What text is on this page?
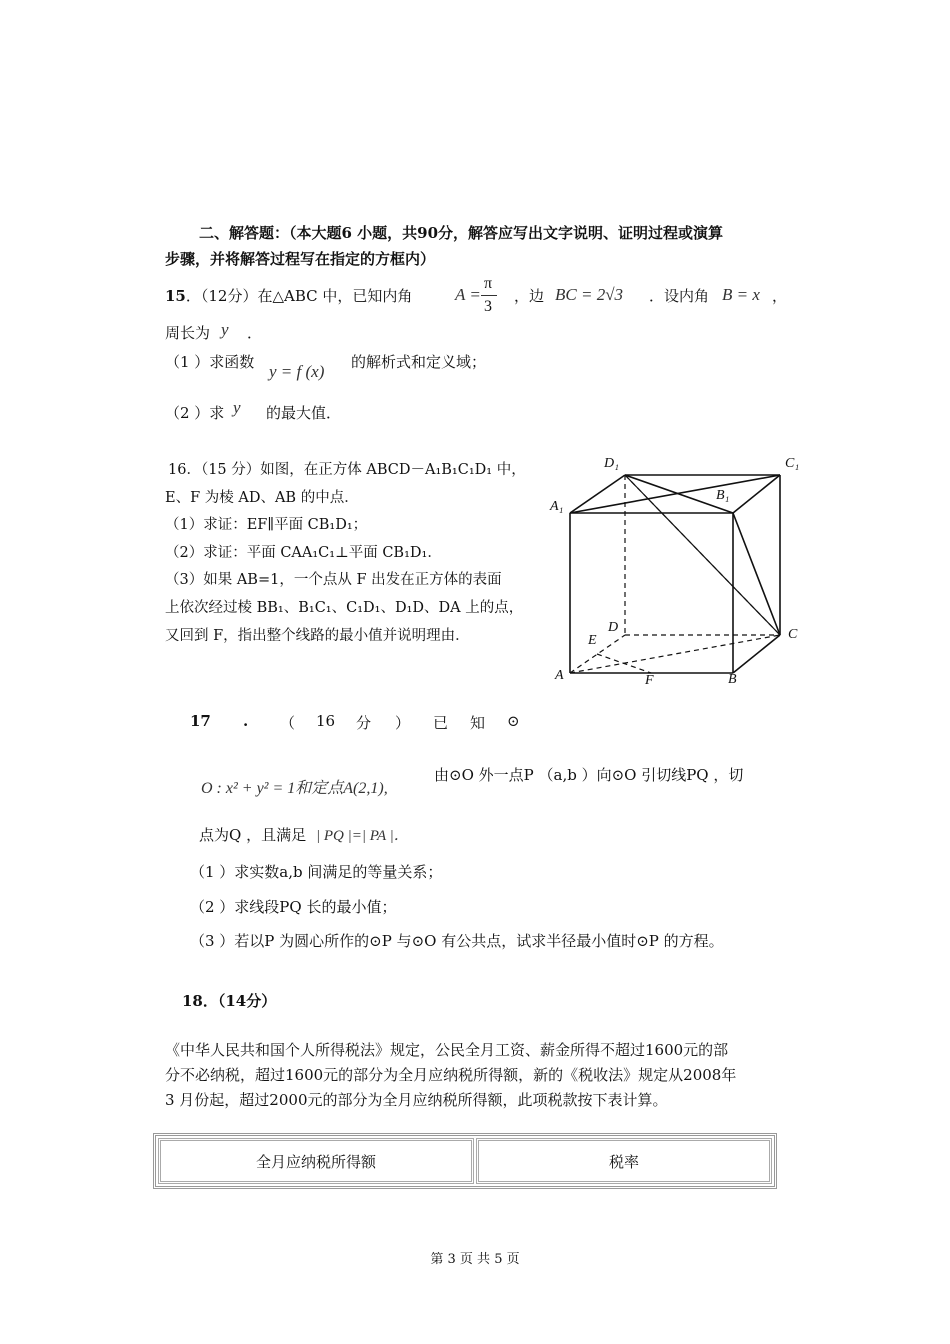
二、解答题：（本大题6 小题，共90分，解答应写出文字说明、证明过程或演算
步骤，并将解答过程写在指定的方框内）
15．（12分）在△ABC 中，已知内角	A =
π
3
，边 BC = 2√3 ．设内角 B = x ，
周长为 y ．
（1 ）求函数 y = f (x) 的解析式和定义域；
（2 ）求 y 的最大值．
16．（15 分）如图，在正方体 ABCD－A₁B₁C₁D₁ 中，
E、F 为棱 AD、AB 的中点．
（1）求证：EF∥平面 CB₁D₁；
（2）求证：平面 CAA₁C₁⊥平面 CB₁D₁．
（3）如果 AB=1，一个点从 F 出发在正方体的表面
上依次经过棱 BB₁、B₁C₁、C₁D₁、D₁D、DA 上的点，
又回到 F，指出整个线路的最小值并说明理由．
D₁	C₁
B₁
A₁
D	C
E
A	F	B
17 . （ 16 分 ） 已 知 ⊙
O : x² + y² = 1和定点A(2,1),
由⊙O 外一点P （a,b ）向⊙O 引切线PQ ，切
点为Q ，且满足 | PQ |=| PA |．
（1 ）求实数a,b 间满足的等量关系；
（2 ）求线段PQ 长的最小值；
（3 ）若以P 为圆心所作的⊙P 与⊙O 有公共点，试求半径最小值时⊙P 的方程。
18．（14分）
《中华人民共和国个人所得税法》规定，公民全月工资、薪金所得不超过1600元的部
分不必纳税，超过1600元的部分为全月应纳税所得额，新的《税收法》规定从2008年
3 月份起，超过2000元的部分为全月应纳税所得额，此项税款按下表计算。
全月应纳税所得额	税率
第 3 页 共 5 页
